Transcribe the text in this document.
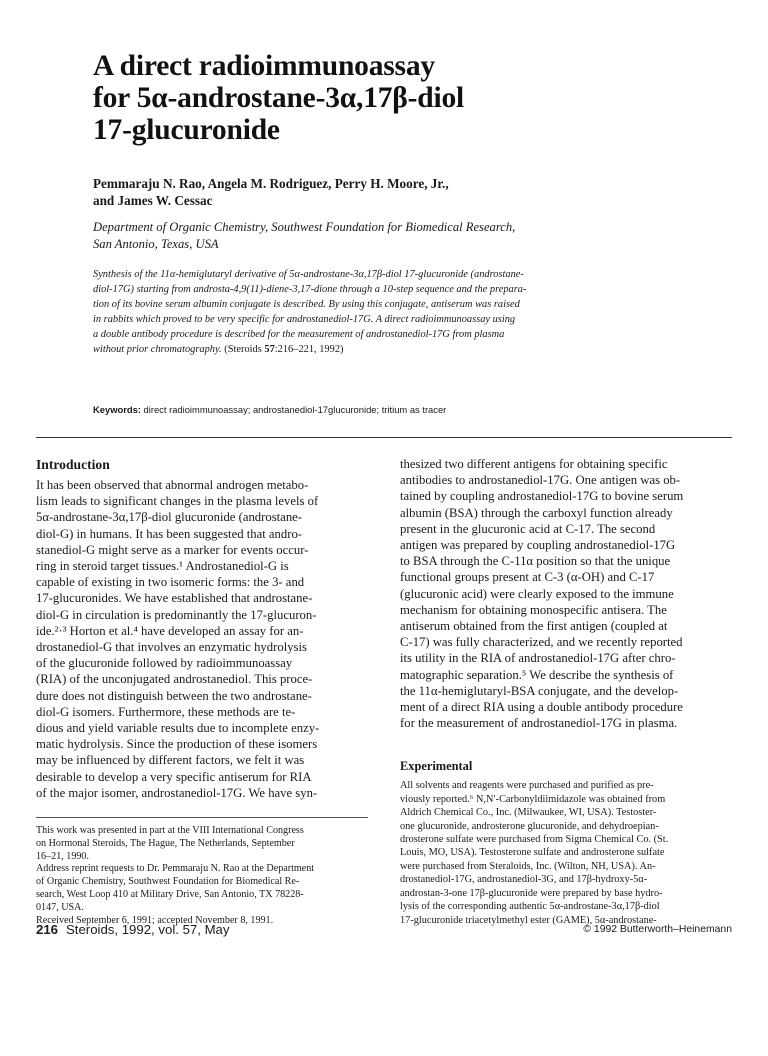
A direct radioimmunoassay
for 5α-androstane-3α,17β-diol
17-glucuronide
Pemmaraju N. Rao, Angela M. Rodriguez, Perry H. Moore, Jr.,
and James W. Cessac
Department of Organic Chemistry, Southwest Foundation for Biomedical Research,
San Antonio, Texas, USA
Synthesis of the 11α-hemiglutaryl derivative of 5α-androstane-3α,17β-diol 17-glucuronide (androstane-
diol-17G) starting from androsta-4,9(11)-diene-3,17-dione through a 10-step sequence and the prepara-
tion of its bovine serum albumin conjugate is described. By using this conjugate, antiserum was raised
in rabbits which proved to be very specific for androstanediol-17G. A direct radioimmunoassay using
a double antibody procedure is described for the measurement of androstanediol-17G from plasma
without prior chromatography. (Steroids 57:216–221, 1992)
Keywords: direct radioimmunoassay; androstanediol-17glucuronide; tritium as tracer
Introduction
It has been observed that abnormal androgen metabo-
lism leads to significant changes in the plasma levels of
5α-androstane-3α,17β-diol glucuronide (androstane-
diol-G) in humans. It has been suggested that andro-
stanediol-G might serve as a marker for events occur-
ring in steroid target tissues.¹ Androstanediol-G is
capable of existing in two isomeric forms: the 3- and
17-glucuronides. We have established that androstane-
diol-G in circulation is predominantly the 17-glucuron-
ide.²·³ Horton et al.⁴ have developed an assay for an-
drostanediol-G that involves an enzymatic hydrolysis
of the glucuronide followed by radioimmunoassay
(RIA) of the unconjugated androstanediol. This proce-
dure does not distinguish between the two androstane-
diol-G isomers. Furthermore, these methods are te-
dious and yield variable results due to incomplete enzy-
matic hydrolysis. Since the production of these isomers
may be influenced by different factors, we felt it was
desirable to develop a very specific antiserum for RIA
of the major isomer, androstanediol-17G. We have syn-
This work was presented in part at the VIII International Congress
on Hormonal Steroids, The Hague, The Netherlands, September
16–21, 1990.
Address reprint requests to Dr. Pemmaraju N. Rao at the Department
of Organic Chemistry, Southwest Foundation for Biomedical Re-
search, West Loop 410 at Military Drive, San Antonio, TX 78228-
0147, USA.
Received September 6, 1991; accepted November 8, 1991.
thesized two different antigens for obtaining specific
antibodies to androstanediol-17G. One antigen was ob-
tained by coupling androstanediol-17G to bovine serum
albumin (BSA) through the carboxyl function already
present in the glucuronic acid at C-17. The second
antigen was prepared by coupling androstanediol-17G
to BSA through the C-11α position so that the unique
functional groups present at C-3 (α-OH) and C-17
(glucuronic acid) were clearly exposed to the immune
mechanism for obtaining monospecific antisera. The
antiserum obtained from the first antigen (coupled at
C-17) was fully characterized, and we recently reported
its utility in the RIA of androstanediol-17G after chro-
matographic separation.⁵ We describe the synthesis of
the 11α-hemiglutaryl-BSA conjugate, and the develop-
ment of a direct RIA using a double antibody procedure
for the measurement of androstanediol-17G in plasma.
Experimental
All solvents and reagents were purchased and purified as pre-
viously reported.⁶ N,N′-Carbonyldiimidazole was obtained from
Aldrich Chemical Co., Inc. (Milwaukee, WI, USA). Testoster-
one glucuronide, androsterone glucuronide, and dehydroepian-
drosterone sulfate were purchased from Sigma Chemical Co. (St.
Louis, MO, USA). Testosterone sulfate and androsterone sulfate
were purchased from Steraloids, Inc. (Wilton, NH, USA). An-
drostanediol-17G, androstanediol-3G, and 17β-hydroxy-5α-
androstan-3-one 17β-glucuronide were prepared by base hydro-
lysis of the corresponding authentic 5α-androstane-3α,17β-diol
17-glucuronide triacetylmethyl ester (GAME), 5α-androstane-
216 Steroids, 1992, vol. 57, May	© 1992 Butterworth–Heinemann
